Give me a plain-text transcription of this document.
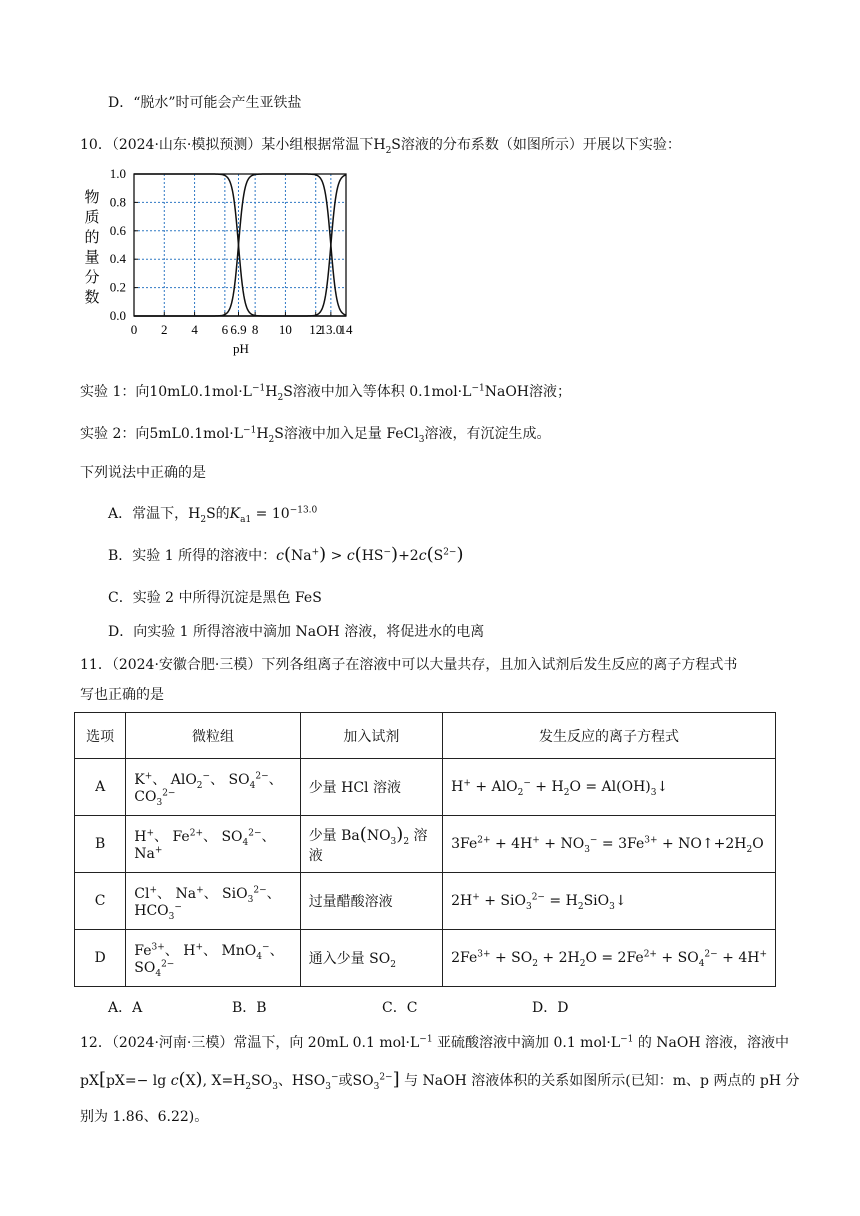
D．“脱水”时可能会产生亚铁盐
10．（2024·山东·模拟预测）某小组根据常温下$H_2S$溶液的分布系数（如图所示）开展以下实验：
物
质
的
量
分
数
0.0
0.2
0.4
0.6
0.8
1.0
0 2 4 6 6.9 8 10 12
13.0
14
pH
实验 1：向$10mL0.1mol\cdot L^{-1}H_2S$溶液中加入等体积 $0.1mol\cdot L^{-1}NaOH$溶液；
实验 2：向$5mL0.1mol\cdot L^{-1}H_2S$溶液中加入足量 FeCl$_3$溶液，有沉淀生成。
下列说法中正确的是
A．常温下，$H_2S$的$K_{a1} = 10^{-13.0}$
B．实验 1 所得的溶液中：$c(Na^+) > c(HS^-)+2c(S^{2-})$
C．实验 2 中所得沉淀是黑色 FeS
D．向实验 1 所得溶液中滴加 NaOH 溶液，将促进水的电离
11．（2024·安徽合肥·三模）下列各组离子在溶液中可以大量共存，且加入试剂后发生反应的离子方程式书
写也正确的是
选项	微粒组	加入试剂	发生反应的离子方程式
A	K+、 AlO$_2$−、 $SO_4^{2-}$、 $CO_3^{2-}$	少量 HCl 溶液	$H^+ + AlO_2^- + H_2O$ = $Al(OH)_3↓$
B	H+、 $Fe^{2+}$、 $SO_4^{2-}$、 Na+	少量 $Ba(NO_3)_2$ 溶液	$3Fe^{2+} + 4H^+ + NO_3^- = 3Fe^{3+}$ + $NO↑+2H_2O$
C	Cl+、 Na+、 SiO$_3^{2-}$、 $HCO_3^-$	过量醋酸溶液	$2H^+ + SiO_3^{2-} = H_2SiO_3↓$
D	$Fe^{3+}$、 H+、 MnO$_4$−、 $SO_4^{2-}$	通入少量 $SO_2$	$2Fe^{3+} + SO_2 + 2H_2O = 2Fe^{2+} + SO_4^{2-} + 4H^+$
A．A	B．B	C．C	D．D
12．（2024·河南·三模）常温下，向 20mL 0.1 $mol\cdot L^{-1}$ 亚硫酸溶液中滴加 0.1 $mol\cdot L^{-1}$ 的 NaOH 溶液，溶液中
pX[pX=− lg c(X), $X=H_2SO_3$、$HSO_3^-$或$SO_3^{2-}$] 与 NaOH 溶液体积的关系如图所示(已知：m、p 两点的 pH 分
别为 1.86、6.22)。
